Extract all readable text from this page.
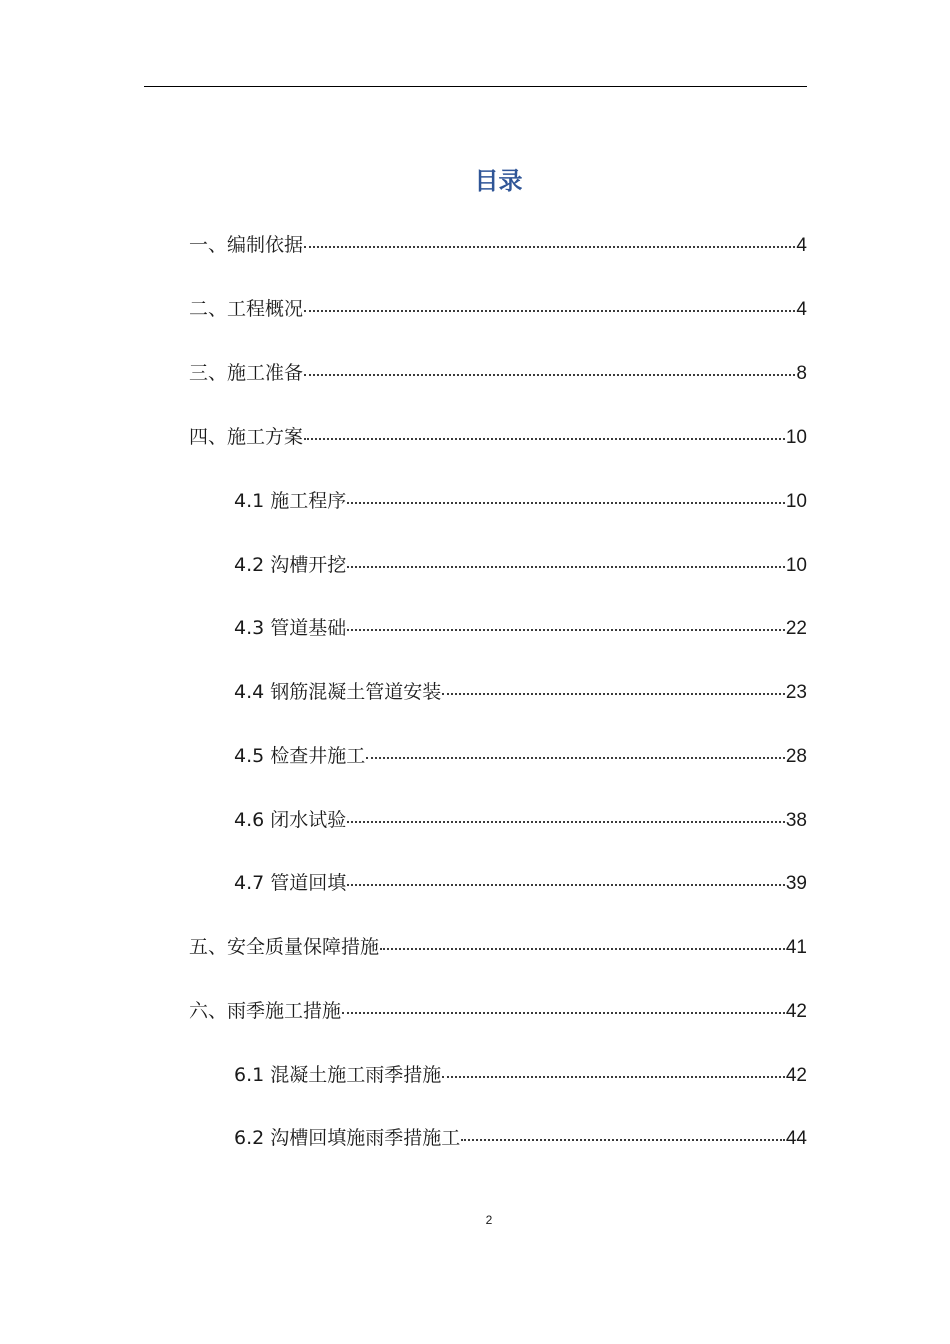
目录
一、编制依据	4
二、工程概况	4
三、施工准备	8
四、施工方案	10
4.1 施工程序	10
4.2 沟槽开挖	10
4.3 管道基础	22
4.4 钢筋混凝土管道安装	23
4.5 检查井施工	28
4.6 闭水试验	38
4.7 管道回填	39
五、安全质量保障措施	41
六、雨季施工措施	42
6.1 混凝土施工雨季措施	42
6.2 沟槽回填施雨季措施工	44
2
